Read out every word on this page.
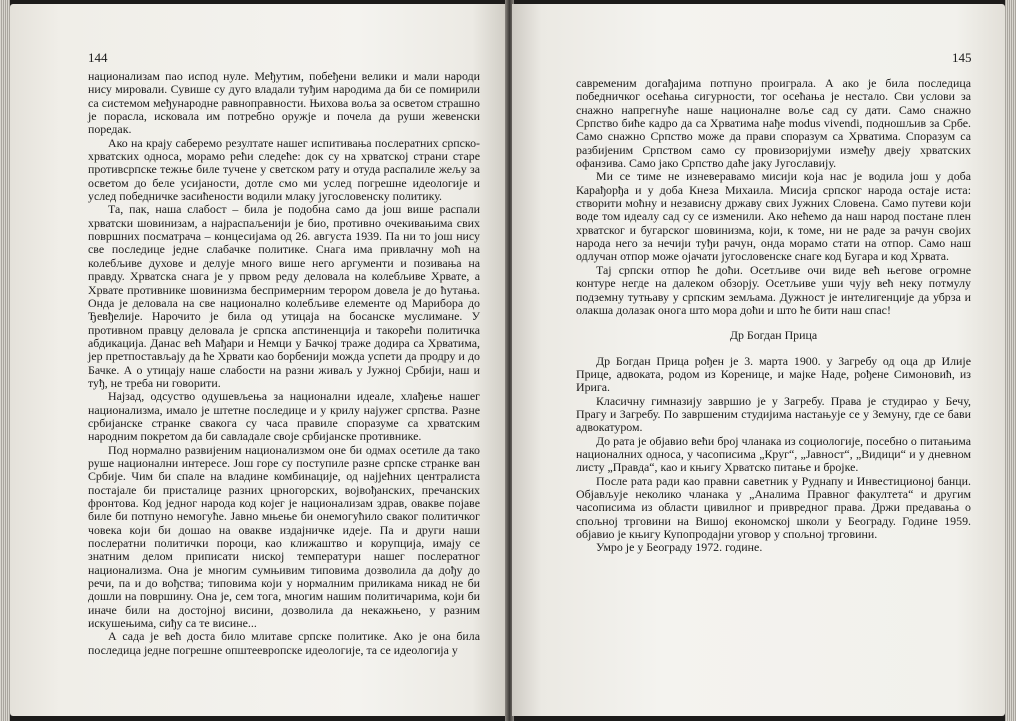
144

национализам пао испод нуле. Међутим, побеђени велики и мали народи нису мировали. Сувише су дуго владали туђим народима да би се помирили са системом међународне равноправности. Њихова воља за осветом страшно је порасла, исковала им потребно оружје и почела да руши жевенски поредак.

Ако на крају саберемо резултате нашег испитивања послератних српско-хрватских односа, морамо рећи следеће: док су на хрватској страни старе противсрпске тежње биле тучене у светском рату и отуда распалиле жељу за осветом до беле усијаности, дотле смо ми услед погрешне идеологије и услед победничке засићености водили млаку југословенску политику.

Та, пак, наша слабост – била је подобна само да још више распали хрватски шовинизам, а најраспаљенији је био, противно очекивањима свих површних посматрача – концесијама од 26. августа 1939. Па ни то још нису све последице једне слабачке политике. Снага има привлачну моћ на колебљиве духове и делује много више него аргументи и позивања на правду. Хрватска снага је у првом реду деловала на колебљиве Хрвате, а Хрвате противнике шовинизма беспримерним терором довела је до ћутања. Онда је деловала на све национално колебљиве елементе од Марибора до Ђевђелије. Нарочито је била од утицаја на босанске муслимане. У противном правцу деловала је српска апстиненција и такорећи политичка абдикација. Данас већ Мађари и Немци у Бачкој траже додира са Хрватима, јер претпостављају да ће Хрвати као борбенији можда успети да продру и до Бачке. А о утицају наше слабости на разни живаљ у Јужној Србији, наш и туђ, не треба ни говорити.

Најзад, одсуство одушевљења за национални идеале, хлађење нашег национализма, имало је штетне последице и у крилу најужег српства. Разне србијанске странке свакога су часа правиле споразуме са хрватским народним покретом да би савладале своје србијанске противнике.

Под нормално развијеним национализмом оне би одмах осетиле да тако руше национални интересе. Још горе су поступиле разне српске странке ван Србије. Чим би спале на владине комбинације, од најјећних централиста постајале би присталице разних црногорских, војвођанских, пречанских фронтова. Код једног народа код којег је национализам здрав, овакве појаве биле би потпуно немогуће. Јавно мњење би онемогућило сваког политичког човека који би дошао на овакве издајничке идеје. Па и други наши послератни политички пороци, као клижаштво и корупција, имају се знатним делом приписати ниској температури нашег послератног национализма. Она је многим сумњивим типовима дозволила да дођу до речи, па и до вођства; типовима који у нормалним приликама никад не би дошли на површину. Она је, сем тога, многим нашим политичарима, који би иначе били на достојној висини, дозволила да некажњено, у разним искушењима, сиђу са те висине...

А сада је већ доста било млитаве српске политике. Ако је она била последица једне погрешне општеевропске идеологије, та се идеологија у

145

савременим догађајима потпуно проиграла. А ако је била последица победничког осећања сигурности, тог осећања је нестало. Сви услови за снажно напрегнуће наше националне воље сад су дати. Само снажно Српство биће кадро да са Хрватима нађе modus vivendi, подношљив за Србе. Само снажно Српство може да прави споразум са Хрватима. Споразум са разбијеним Српством само су провизоријуми између двеју хрватских офанзива. Само јако Српство даће јаку Југославију.

Ми се тиме не изневеравамо мисији која нас је водила још у доба Карађорђа и у доба Кнеза Михаила. Мисија српског народа остаје иста: створити моћну и независну државу свих Јужних Словена. Само путеви који воде том идеалу сад су се изменили. Ако нећемо да наш народ постане плен хрватског и бугарског шовинизма, који, к томе, ни не раде за рачун својих народа него за нечији туђи рачун, онда морамо стати на отпор. Само наш одлучан отпор може ојачати југословенске снаге код Бугара и код Хрвата.

Тај српски отпор ће доћи. Осетљиве очи виде већ његове огромне контуре негде на далеком обзорју. Осетљиве уши чују већ неку потмулу подземну тутњаву у српским земљама. Дужност је интелигенције да убрза и олакша долазак онога што мора доћи и што ће бити наш спас!

Др Богдан Прица

Др Богдан Прица рођен је 3. марта 1900. у Загребу од оца др Илије Прице, адвоката, родом из Коренице, и мајке Наде, рођене Симоновић, из Ирига.

Класичну гимназију завршио је у Загребу. Права је студирао у Бечу, Прагу и Загребу. По завршеним студијима настањује се у Земуну, где се бави адвокатуром.

До рата је објавио већи број чланака из социологије, посебно о питањима националних односа, у часописима „Круг“, „Јавност“, „Видици“ и у дневном листу „Правда“, као и књигу Хрватско питање и бројке.

После рата ради као правни саветник у Руднапу и Инвестиционој банци. Објављује неколико чланака у „Аналима Правног факултета“ и другим часописима из области цивилног и привредног права. Држи предавања о спољној трговини на Вишој економској школи у Београду. Године 1959. објавио је књигу Купопродајни уговор у спољној трговини.

Умро је у Београду 1972. године.
